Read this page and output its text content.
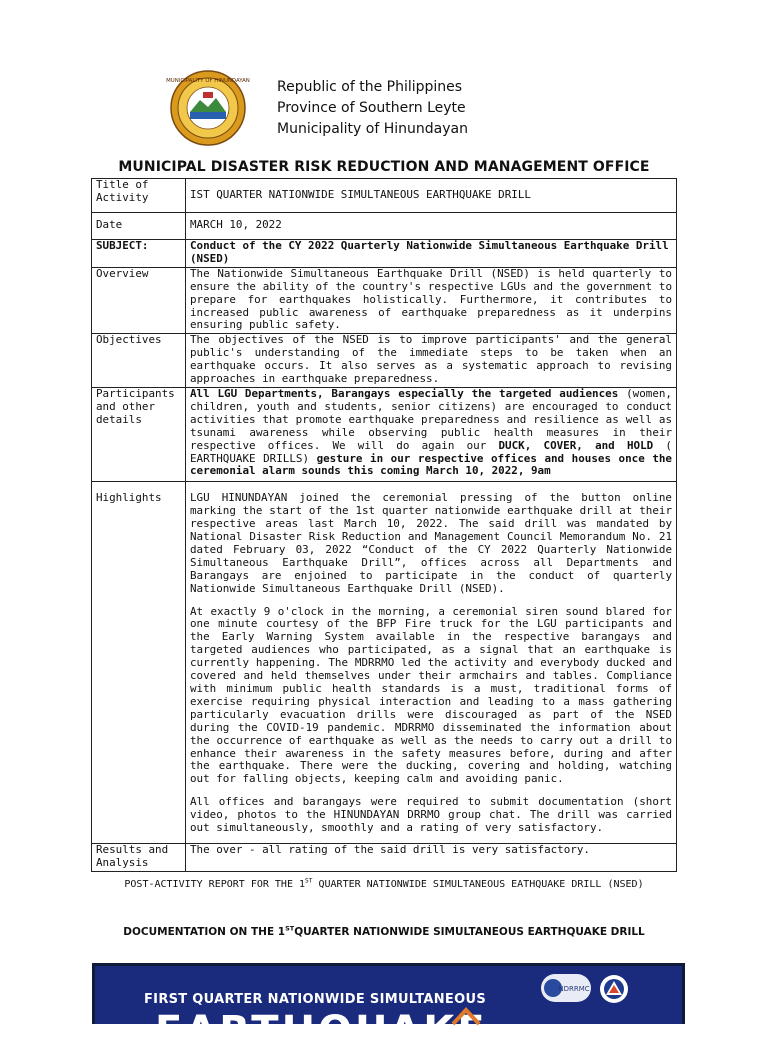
MUNICIPALITY OF HINUNDAYAN Republic of the Philippines
Province of Southern Leyte
Municipality of Hinundayan
MUNICIPAL DISASTER RISK REDUCTION AND MANAGEMENT OFFICE
Title of Activity	IST QUARTER NATIONWIDE SIMULTANEOUS EARTHQUAKE DRILL
Date	MARCH 10, 2022
SUBJECT:	Conduct of the CY 2022 Quarterly Nationwide Simultaneous Earthquake Drill (NSED)
Overview	The Nationwide Simultaneous Earthquake Drill (NSED) is held quarterly to ensure the ability of the country's respective LGUs and the government to prepare for earthquakes holistically. Furthermore, it contributes to increased public awareness of earthquake preparedness as it underpins ensuring public safety.
Objectives	The objectives of the NSED is to improve participants' and the general public's understanding of the immediate steps to be taken when an earthquake occurs. It also serves as a systematic approach to revising approaches in earthquake preparedness.
Participants and other details	All LGU Departments, Barangays especially the targeted audiences (women, children, youth and students, senior citizens) are encouraged to conduct activities that promote earthquake preparedness and resilience as well as tsunami awareness while observing public health measures in their respective offices. We will do again our DUCK, COVER, and HOLD ( EARTHQUAKE DRILLS) gesture in our respective offices and houses once the ceremonial alarm sounds this coming March 10, 2022, 9am
Highlights	LGU HINUNDAYAN joined the ceremonial pressing of the button online marking the start of the 1st quarter nationwide earthquake drill at their respective areas last March 10, 2022. The said drill was mandated by National Disaster Risk Reduction and Management Council Memorandum No. 21 dated February 03, 2022 “Conduct of the CY 2022 Quarterly Nationwide Simultaneous Earthquake Drill”, offices across all Departments and Barangays are enjoined to participate in the conduct of quarterly Nationwide Simultaneous Earthquake Drill (NSED).

At exactly 9 o'clock in the morning, a ceremonial siren sound blared for one minute courtesy of the BFP Fire truck for the LGU participants and the Early Warning System available in the respective barangays and targeted audiences who participated, as a signal that an earthquake is currently happening. The MDRRMO led the activity and everybody ducked and covered and held themselves under their armchairs and tables. Compliance with minimum public health standards is a must, traditional forms of exercise requiring physical interaction and leading to a mass gathering particularly evacuation drills were discouraged as part of the NSED during the COVID-19 pandemic. MDRRMO disseminated the information about the occurrence of earthquake as well as the needs to carry out a drill to enhance their awareness in the safety measures before, during and after the earthquake. There were the ducking, covering and holding, watching out for falling objects, keeping calm and avoiding panic.

All offices and barangays were required to submit documentation (short video, photos to the HINUNDAYAN DRRMO group chat. The drill was carried out simultaneously, smoothly and a rating of very satisfactory.

Results and Analysis	The over - all rating of the said drill is very satisfactory.
POST-ACTIVITY REPORT FOR THE 1ST QUARTER NATIONWIDE SIMULTANEOUS EATHQUAKE DRILL (NSED)
DOCUMENTATION ON THE 1STQUARTER NATIONWIDE SIMULTANEOUS EARTHQUAKE DRILL
FIRST QUARTER NATIONWIDE SIMULTANEOUS
EARTHQUAKE
NDRRMC
